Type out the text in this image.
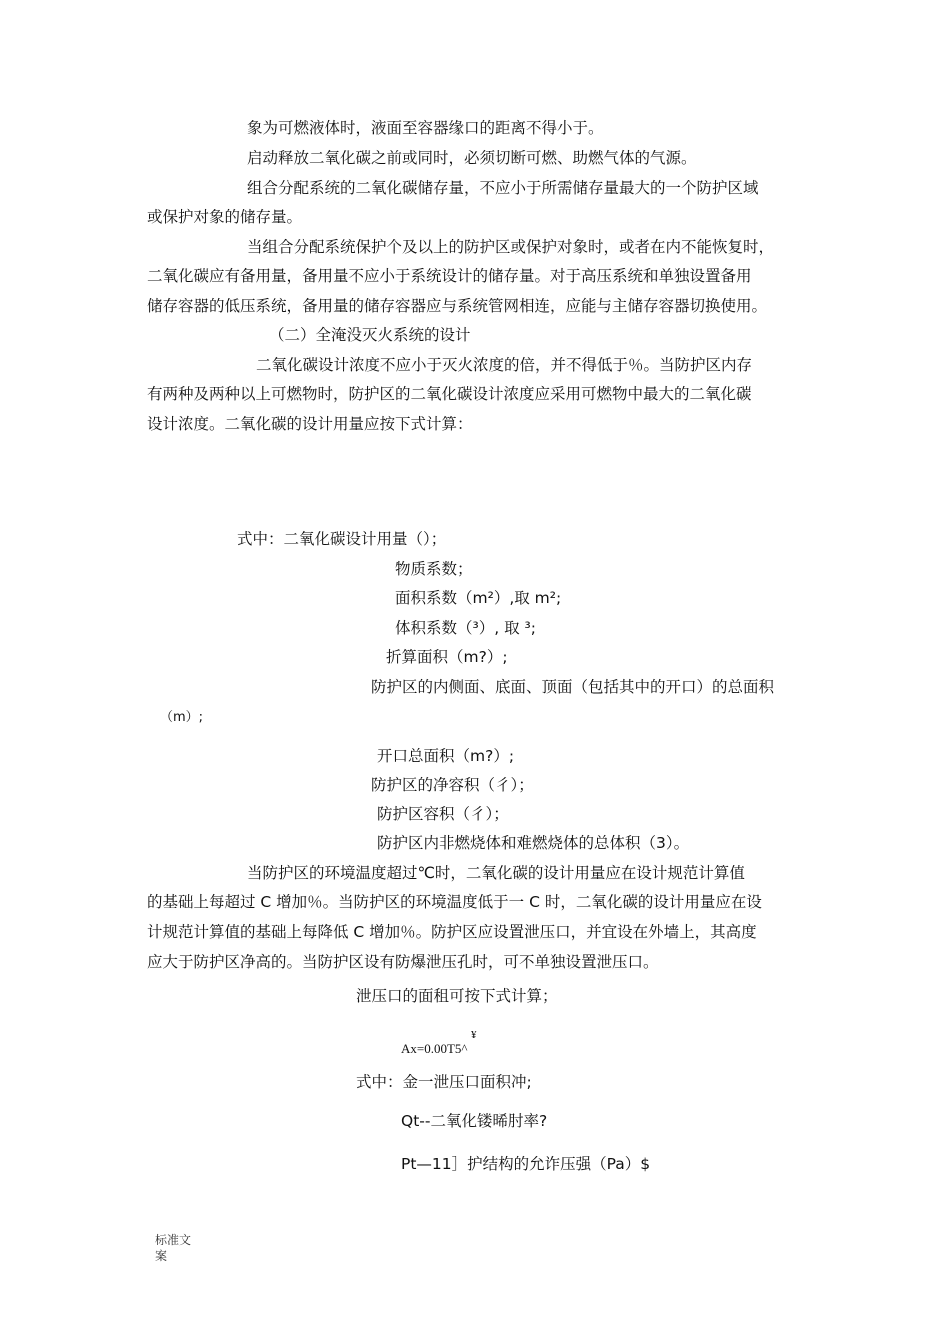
象为可燃液体时，液面至容器缘口的距离不得小于。
启动释放二氧化碳之前或同时，必须切断可燃、助燃气体的气源。
组合分配系统的二氧化碳储存量，不应小于所需储存量最大的一个防护区域
或保护对象的储存量。
当组合分配系统保护个及以上的防护区或保护对象时，或者在内不能恢复时，
二氧化碳应有备用量，备用量不应小于系统设计的储存量。对于高压系统和单独设置备用
储存容器的低压系统，备用量的储存容器应与系统管网相连，应能与主储存容器切换使用。
（二）全淹没灭火系统的设计
二氧化碳设计浓度不应小于灭火浓度的倍，并不得低于％。当防护区内存
有两种及两种以上可燃物时，防护区的二氧化碳设计浓度应采用可燃物中最大的二氧化碳
设计浓度。二氧化碳的设计用量应按下式计算：
式中：二氧化碳设计用量（）；
物质系数；
面积系数（m²）,取 m²;
体积系数（³）, 取 ³;
折算面积（m?）;
防护区的内侧面、底面、顶面（包括其中的开口）的总面积
（m）;
开口总面积（m?）;
防护区的净容积（彳）；
防护区容积（彳）；
防护区内非燃烧体和难燃烧体的总体积（3）。
当防护区的环境温度超过℃时，二氧化碳的设计用量应在设计规范计算值
的基础上每超过 C 增加％。当防护区的环境温度低于一 C 时，二氧化碳的设计用量应在设
计规范计算值的基础上每降低 C 增加％。防护区应设置泄压口，并宜设在外墙上，其高度
应大于防护区净高的。当防护区设有防爆泄压孔时，可不单独设置泄压口。
泄压口的面租可按下式计算；
¥
Ax=0.00T5^
式中：金一泄压口面积冲;
Qt--二氧化镂晞肘率?
Pt—11］护结构的允诈压强（Pa）$
标准文
案
